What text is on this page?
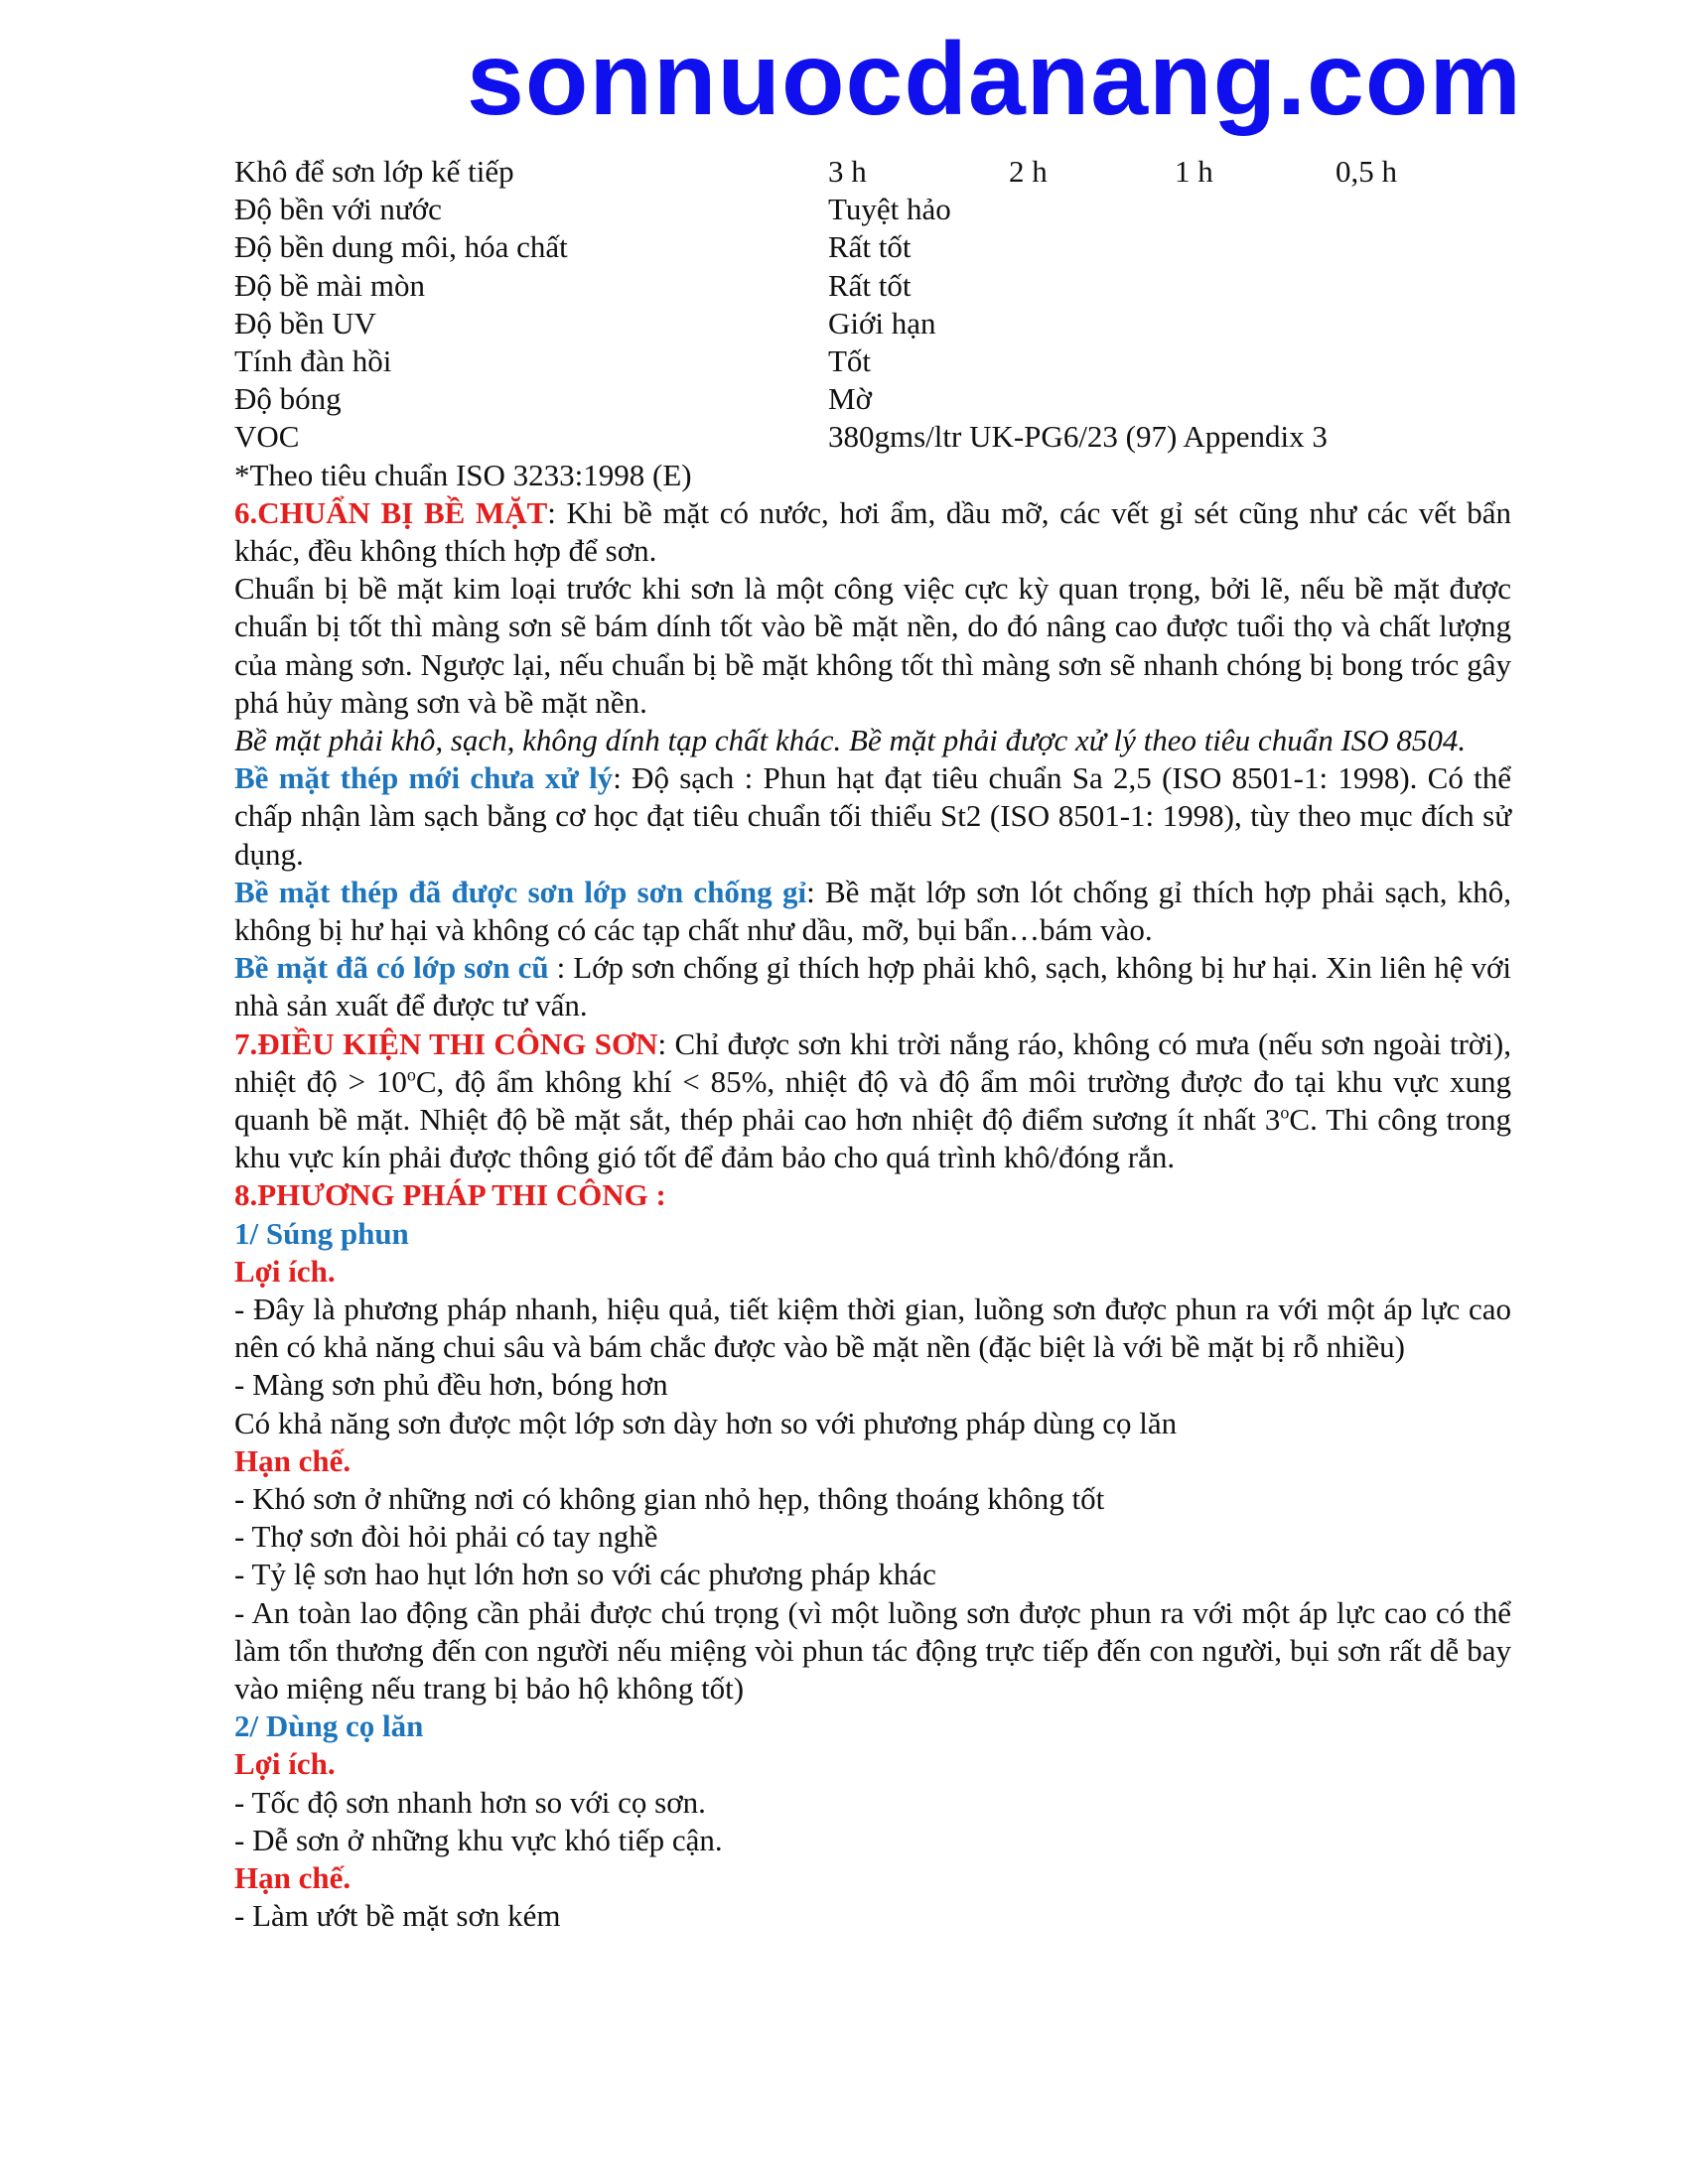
sonnuocdanang.com
Khô để sơn lớp kế tiếp	3 h	2 h	1 h	0,5 h
Độ bền với nước	Tuyệt hảo
Độ bền dung môi, hóa chất	Rất tốt
Độ bề mài mòn	Rất tốt
Độ bền UV	Giới hạn
Tính đàn hồi	Tốt
Độ bóng	Mờ
VOC	380gms/ltr UK-PG6/23 (97) Appendix 3
*Theo tiêu chuẩn ISO 3233:1998 (E)
6.CHUẨN BỊ BỀ MẶT: Khi bề mặt có nước, hơi ẩm, dầu mỡ, các vết gỉ sét cũng như các vết bẩn khác, đều không thích hợp để sơn.
Chuẩn bị bề mặt kim loại trước khi sơn là một công việc cực kỳ quan trọng, bởi lẽ, nếu bề mặt được chuẩn bị tốt thì màng sơn sẽ bám dính tốt vào bề mặt nền, do đó nâng cao được tuổi thọ và chất lượng của màng sơn. Ngược lại, nếu chuẩn bị bề mặt không tốt thì màng sơn sẽ nhanh chóng bị bong tróc gây phá hủy màng sơn và bề mặt nền.
Bề mặt phải khô, sạch, không dính tạp chất khác. Bề mặt phải được xử lý theo tiêu chuẩn ISO 8504.
Bề mặt thép mới chưa xử lý: Độ sạch : Phun hạt đạt tiêu chuẩn Sa 2,5 (ISO 8501-1: 1998). Có thể chấp nhận làm sạch bằng cơ học đạt tiêu chuẩn tối thiểu St2 (ISO 8501-1: 1998), tùy theo mục đích sử dụng.
Bề mặt thép đã được sơn lớp sơn chống gỉ: Bề mặt lớp sơn lót chống gỉ thích hợp phải sạch, khô, không bị hư hại và không có các tạp chất như dầu, mỡ, bụi bẩn…bám vào.
Bề mặt đã có lớp sơn cũ : Lớp sơn chống gỉ thích hợp phải khô, sạch, không bị hư hại. Xin liên hệ với nhà sản xuất để được tư vấn.
7.ĐIỀU KIỆN THI CÔNG SƠN: Chỉ được sơn khi trời nắng ráo, không có mưa (nếu sơn ngoài trời), nhiệt độ > $10^oC$, độ ẩm không khí < 85%, nhiệt độ và độ ẩm môi trường được đo tại khu vực xung quanh bề mặt. Nhiệt độ bề mặt sắt, thép phải cao hơn nhiệt độ điểm sương ít nhất 3$^o$C. Thi công trong khu vực kín phải được thông gió tốt để đảm bảo cho quá trình khô/đóng rắn.
8.PHƯƠNG PHÁP THI CÔNG :
1/ Súng phun
Lợi ích.
- Đây là phương pháp nhanh, hiệu quả, tiết kiệm thời gian, luồng sơn được phun ra với một áp lực cao nên có khả năng chui sâu và bám chắc được vào bề mặt nền (đặc biệt là với bề mặt bị rỗ nhiều)
- Màng sơn phủ đều hơn, bóng hơn
Có khả năng sơn được một lớp sơn dày hơn so với phương pháp dùng cọ lăn
Hạn chế.
- Khó sơn ở những nơi có không gian nhỏ hẹp, thông thoáng không tốt
- Thợ sơn đòi hỏi phải có tay nghề
- Tỷ lệ sơn hao hụt lớn hơn so với các phương pháp khác
- An toàn lao động cần phải được chú trọng (vì một luồng sơn được phun ra với một áp lực cao có thể làm tổn thương đến con người nếu miệng vòi phun tác động trực tiếp đến con người, bụi sơn rất dễ bay vào miệng nếu trang bị bảo hộ không tốt)
2/ Dùng cọ lăn
Lợi ích.
- Tốc độ sơn nhanh hơn so với cọ sơn.
- Dễ sơn ở những khu vực khó tiếp cận.
Hạn chế.
- Làm ướt bề mặt sơn kém
